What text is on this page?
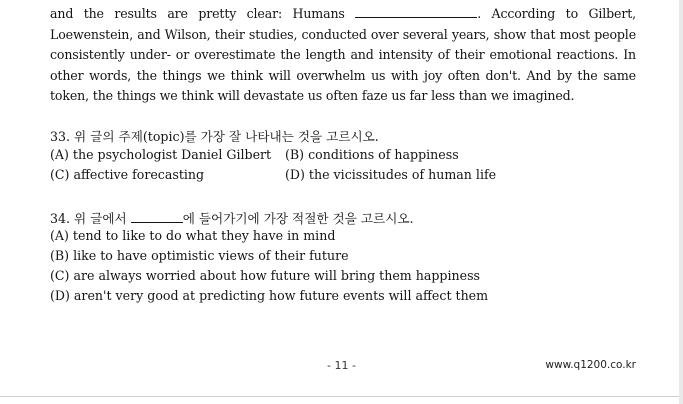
and the results are pretty clear: Humans	. According to Gilbert, Loewenstein, and Wilson, their studies, conducted over several years, show that most people consistently under- or overestimate the length and intensity of their emotional reactions. In other words, the things we think will overwhelm us with joy often don't. And by the same token, the things we think will devastate us often faze us far less than we imagined.
33. 위 글의 주제(topic)를 가장 잘 나타내는 것을 고르시오.
(A) the psychologist Daniel Gilbert (B) conditions of happiness
(C) affective forecasting	(D) the vicissitudes of human life
34. 위 글에서	에 들어가기에 가장 적절한 것을 고르시오.
(A) tend to like to do what they have in mind
(B) like to have optimistic views of their future
(C) are always worried about how future will bring them happiness
(D) aren't very good at predicting how future events will affect them
- 11 -	www.q1200.co.kr
